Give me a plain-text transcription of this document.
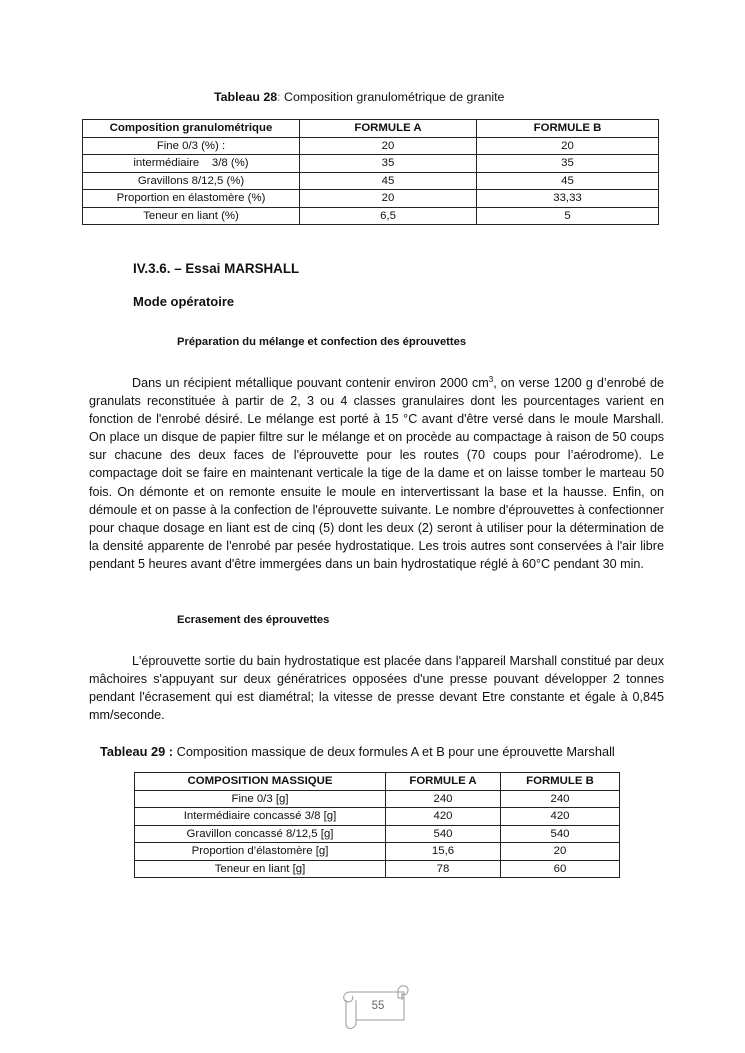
Tableau 28: Composition granulométrique de granite
Composition granulométrique	FORMULE A	FORMULE B
Fine 0/3 (%) :	20	20
intermédiaire    3/8 (%)	35	35
Gravillons 8/12,5 (%)	45	45
Proportion en élastomère (%)	20	33,33
Teneur en liant (%)	6,5	5
IV.3.6. – Essai MARSHALL
Mode opératoire
Préparation du mélange et confection des éprouvettes
Dans un récipient métallique pouvant contenir environ 2000 $cm^3$, on verse 1200 g d’enrobé de granulats reconstituée à partir de 2, 3 ou 4 classes granulaires dont les pourcentages varient en fonction de l'enrobé désiré. Le mélange est porté à 15 °C avant d'être versé dans le moule Marshall. On place un disque de papier filtre sur le mélange et on procède au compactage à raison de 50 coups sur chacune des deux faces de l'éprouvette pour les routes (70 coups pour l’aérodrome). Le compactage doit se faire en maintenant verticale la tige de la dame et on laisse tomber le marteau 50 fois. On démonte et on remonte ensuite le moule en intervertissant la base et la hausse. Enfin, on démoule et on passe à la confection de l'éprouvette suivante. Le nombre d'éprouvettes à confectionner pour chaque dosage en liant est de cinq (5) dont les deux (2) seront à utiliser pour la détermination de la densité apparente de l'enrobé par pesée hydrostatique. Les trois autres sont conservées à l'air libre pendant 5 heures avant d'être immergées dans un bain hydrostatique réglé à 60°C pendant 30 min.
Ecrasement des éprouvettes
L'éprouvette sortie du bain hydrostatique est placée dans l'appareil Marshall constitué par deux mâchoires s'appuyant sur deux génératrices opposées d'une presse pouvant développer 2 tonnes pendant l'écrasement qui est diamétral; la vitesse de presse devant Etre constante et égale à 0,845 mm/seconde.
Tableau 29 : Composition massique de deux formules A et B pour une éprouvette Marshall
COMPOSITION MASSIQUE	FORMULE A	FORMULE B
Fine 0/3 [g]	240	240
Intermédiaire concassé 3/8 [g]	420	420
Gravillon concassé 8/12,5 [g]	540	540
Proportion d’élastomère [g]	15,6	20
Teneur en liant [g]	78	60
55
